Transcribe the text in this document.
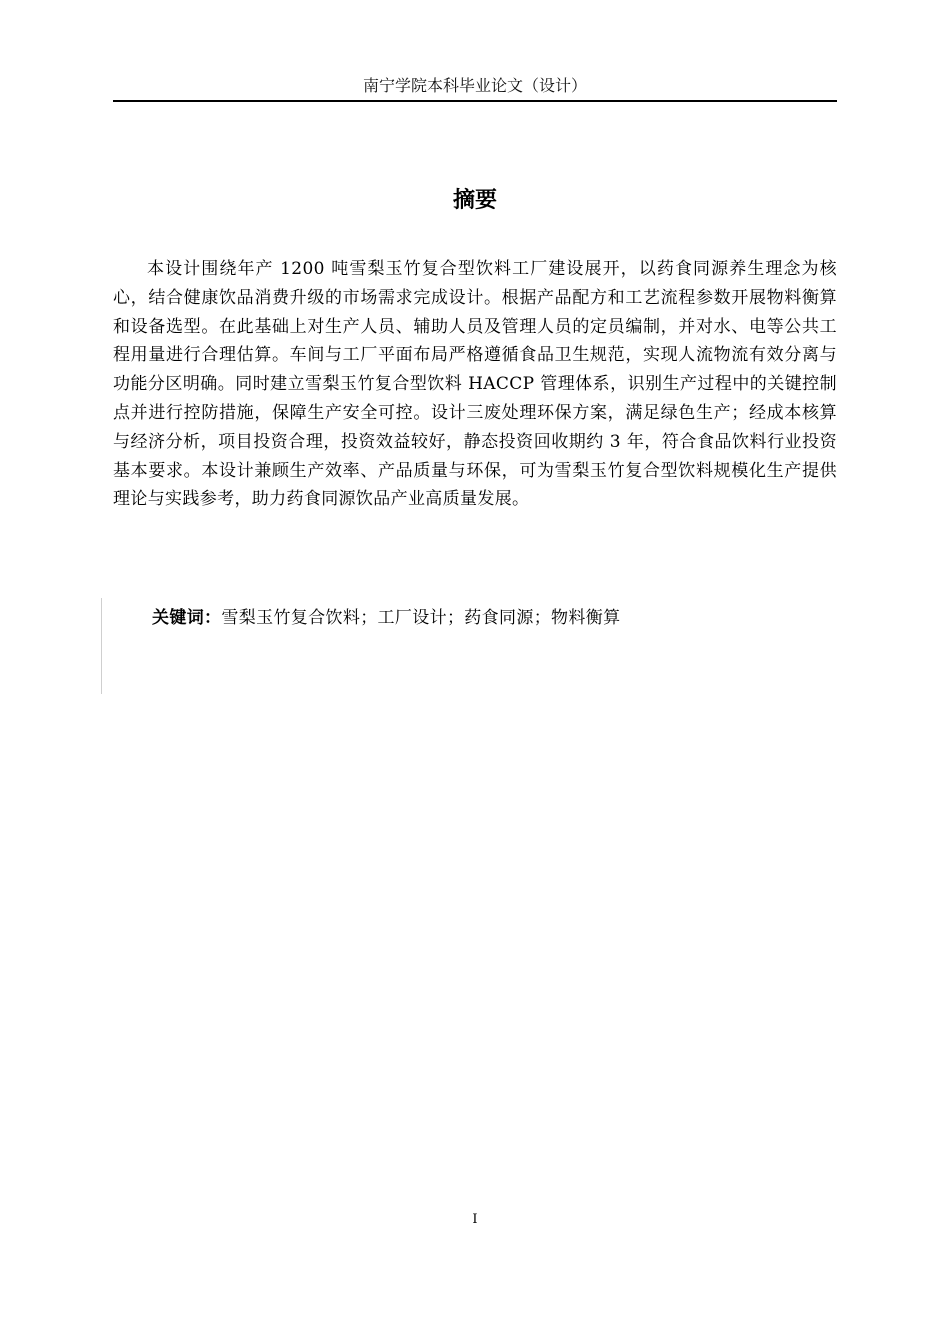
南宁学院本科毕业论文（设计）
摘要

本设计围绕年产 1200 吨雪梨玉竹复合型饮料工厂建设展开，以药食同源养生理念为核心，结合健康饮品消费升级的市场需求完成设计。根据产品配方和工艺流程参数开展物料衡算和设备选型。在此基础上对生产人员、辅助人员及管理人员的定员编制，并对水、电等公共工程用量进行合理估算。车间与工厂平面布局严格遵循食品卫生规范，实现人流物流有效分离与功能分区明确。同时建立雪梨玉竹复合型饮料 HACCP 管理体系，识别生产过程中的关键控制点并进行控防措施，保障生产安全可控。设计三废处理环保方案，满足绿色生产；经成本核算与经济分析，项目投资合理，投资效益较好，静态投资回收期约 3 年，符合食品饮料行业投资基本要求。本设计兼顾生产效率、产品质量与环保，可为雪梨玉竹复合型饮料规模化生产提供理论与实践参考，助力药食同源饮品产业高质量发展。

关键词：雪梨玉竹复合饮料；工厂设计；药食同源；物料衡算
I
